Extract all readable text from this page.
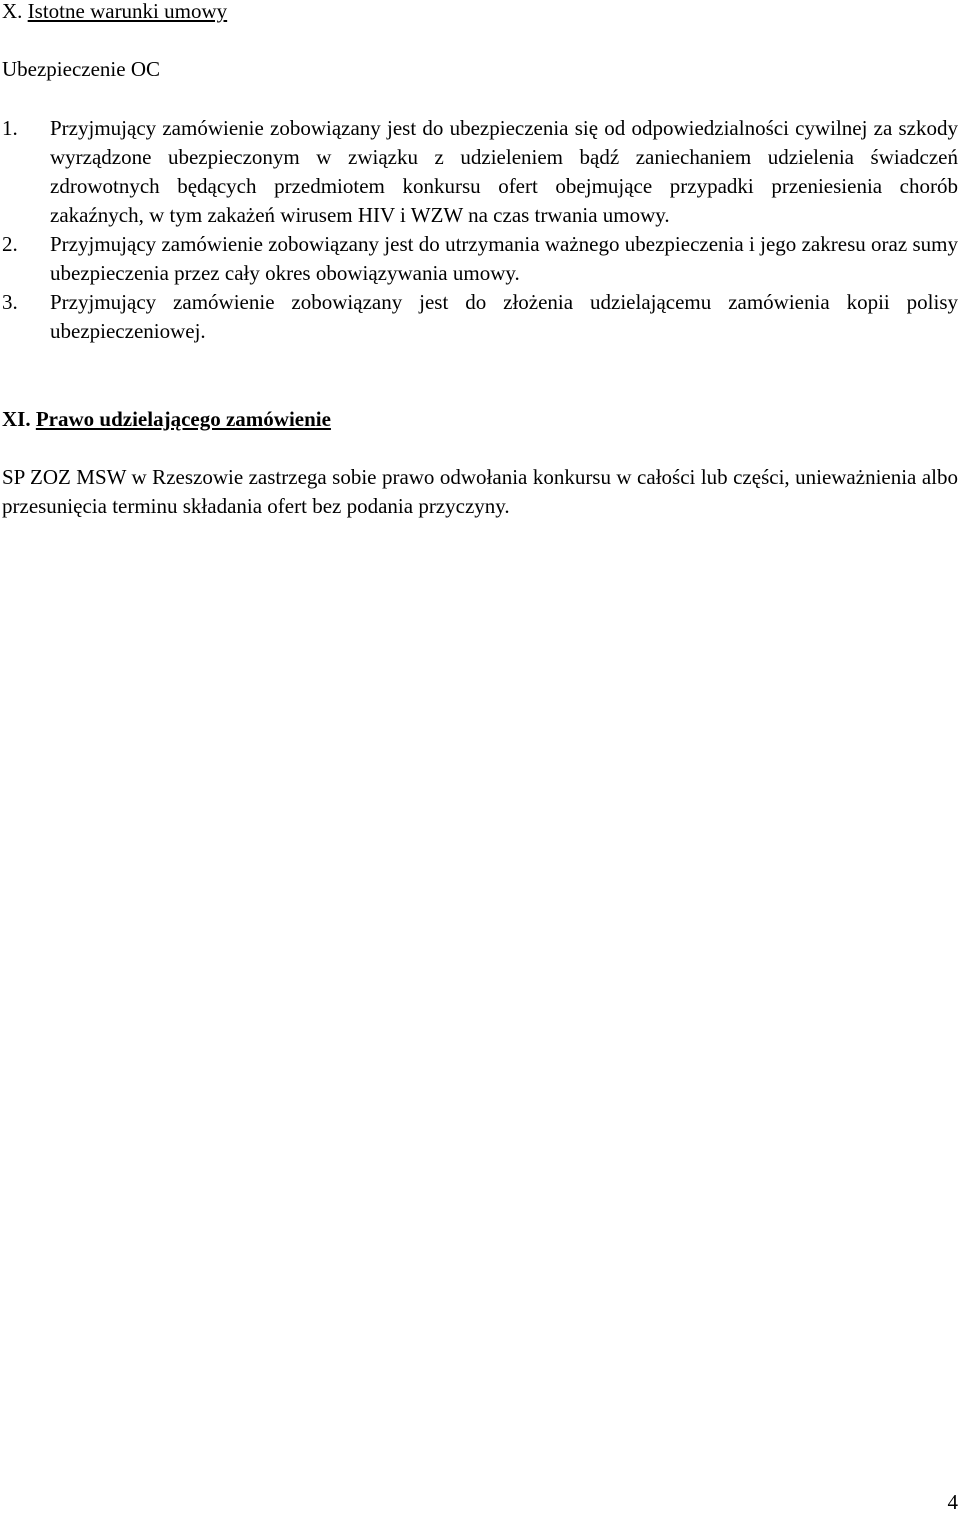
X. Istotne warunki umowy
Ubezpieczenie OC
1. Przyjmujący zamówienie zobowiązany jest do ubezpieczenia się od odpowiedzialności cywilnej za szkody wyrządzone ubezpieczonym w związku z udzieleniem bądź zaniechaniem udzielenia świadczeń zdrowotnych będących przedmiotem konkursu ofert obejmujące przypadki przeniesienia chorób zakaźnych, w tym zakażeń wirusem HIV i WZW na czas trwania umowy.
2. Przyjmujący zamówienie zobowiązany jest do utrzymania ważnego ubezpieczenia i jego zakresu oraz sumy ubezpieczenia przez cały okres obowiązywania umowy.
3. Przyjmujący zamówienie zobowiązany jest do złożenia udzielającemu zamówienia kopii polisy ubezpieczeniowej.
XI. Prawo udzielającego zamówienie

SP ZOZ MSW w Rzeszowie zastrzega sobie prawo odwołania konkursu w całości lub części, unieważnienia albo przesunięcia terminu składania ofert bez podania przyczyny.

4
